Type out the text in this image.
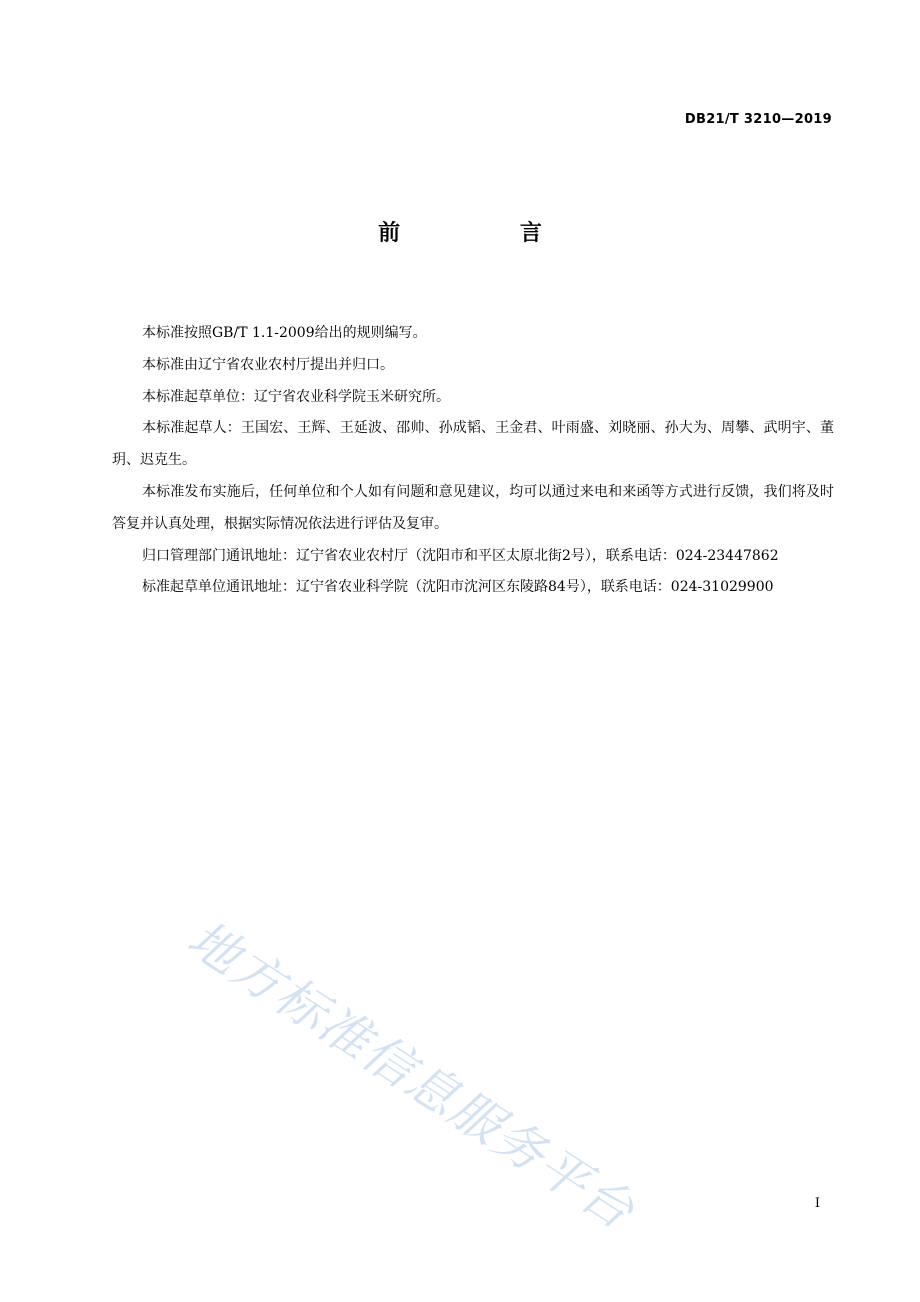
DB21/T 3210—2019
前 言

本标准按照GB/T 1.1-2009给出的规则编写。

本标准由辽宁省农业农村厅提出并归口。

本标准起草单位：辽宁省农业科学院玉米研究所。

本标准起草人：王国宏、王辉、王延波、邵帅、孙成韬、王金君、叶雨盛、刘晓丽、孙大为、周攀、武明宇、董玥、迟克生。

本标准发布实施后，任何单位和个人如有问题和意见建议，均可以通过来电和来函等方式进行反馈，我们将及时答复并认真处理，根据实际情况依法进行评估及复审。

归口管理部门通讯地址：辽宁省农业农村厅（沈阳市和平区太原北街2号），联系电话：024-23447862

标准起草单位通讯地址：辽宁省农业科学院（沈阳市沈河区东陵路84号），联系电话：024-31029900

地方标准信息服务平台	I
